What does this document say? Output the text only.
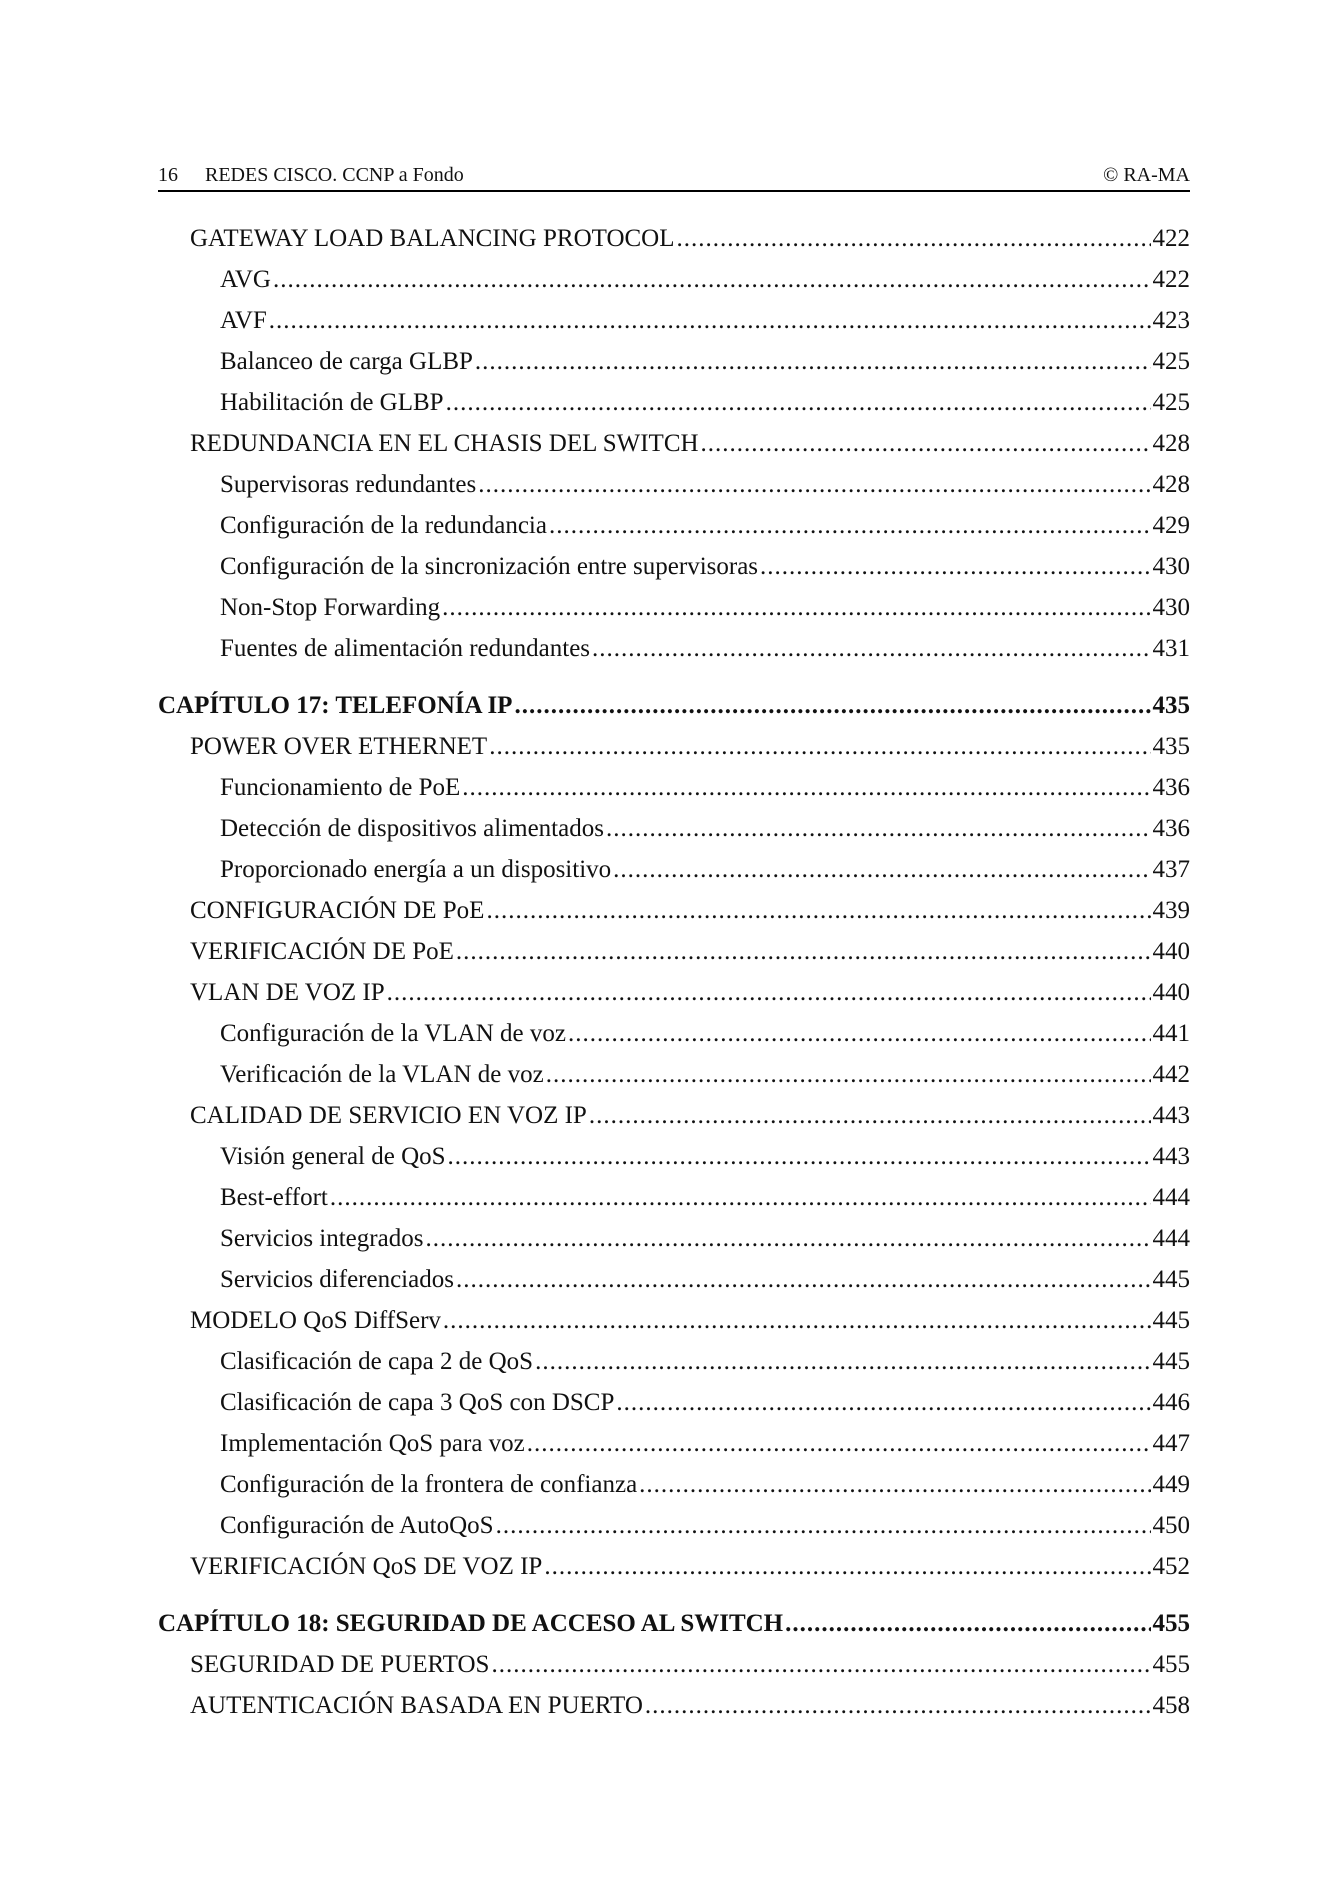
16 REDES CISCO. CCNP a Fondo	© RA-MA
GATEWAY LOAD BALANCING PROTOCOL .....	422
AVG .....	422
AVF .....	423
Balanceo de carga GLBP .....	425
Habilitación de GLBP .....	425
REDUNDANCIA EN EL CHASIS DEL SWITCH .....	428
Supervisoras redundantes .....	428
Configuración de la redundancia .....	429
Configuración de la sincronización entre supervisoras .....	430
Non-Stop Forwarding .....	430
Fuentes de alimentación redundantes .....	431
CAPÍTULO 17: TELEFONÍA IP .....	435
POWER OVER ETHERNET .....	435
Funcionamiento de PoE .....	436
Detección de dispositivos alimentados .....	436
Proporcionado energía a un dispositivo .....	437
CONFIGURACIÓN DE PoE .....	439
VERIFICACIÓN DE PoE .....	440
VLAN DE VOZ IP .....	440
Configuración de la VLAN de voz .....	441
Verificación de la VLAN de voz .....	442
CALIDAD DE SERVICIO EN VOZ IP .....	443
Visión general de QoS .....	443
Best-effort .....	444
Servicios integrados .....	444
Servicios diferenciados .....	445
MODELO QoS DiffServ .....	445
Clasificación de capa 2 de QoS .....	445
Clasificación de capa 3 QoS con DSCP .....	446
Implementación QoS para voz .....	447
Configuración de la frontera de confianza .....	449
Configuración de AutoQoS .....	450
VERIFICACIÓN QoS DE VOZ IP .....	452
CAPÍTULO 18: SEGURIDAD DE ACCESO AL SWITCH .....	455
SEGURIDAD DE PUERTOS .....	455
AUTENTICACIÓN BASADA EN PUERTO .....	458
